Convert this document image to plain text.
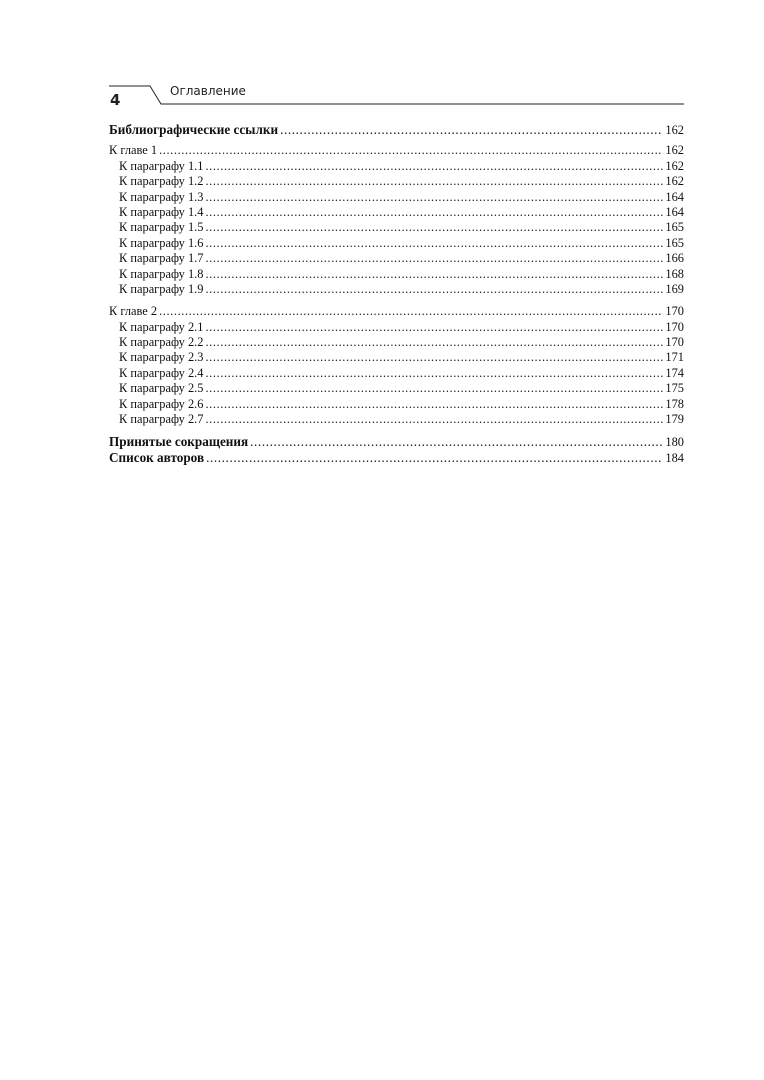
4	Оглавление
Библиографические ссылки .....	162
К главе 1 .....	162
К параграфу 1.1 .....	162
К параграфу 1.2 .....	162
К параграфу 1.3 .....	164
К параграфу 1.4 .....	164
К параграфу 1.5 .....	165
К параграфу 1.6 .....	165
К параграфу 1.7 .....	166
К параграфу 1.8 .....	168
К параграфу 1.9 .....	169
К главе 2 .....	170
К параграфу 2.1 .....	170
К параграфу 2.2 .....	170
К параграфу 2.3 .....	171
К параграфу 2.4 .....	174
К параграфу 2.5 .....	175
К параграфу 2.6 .....	178
К параграфу 2.7 .....	179
Принятые сокращения .....	180
Список авторов .....	184
